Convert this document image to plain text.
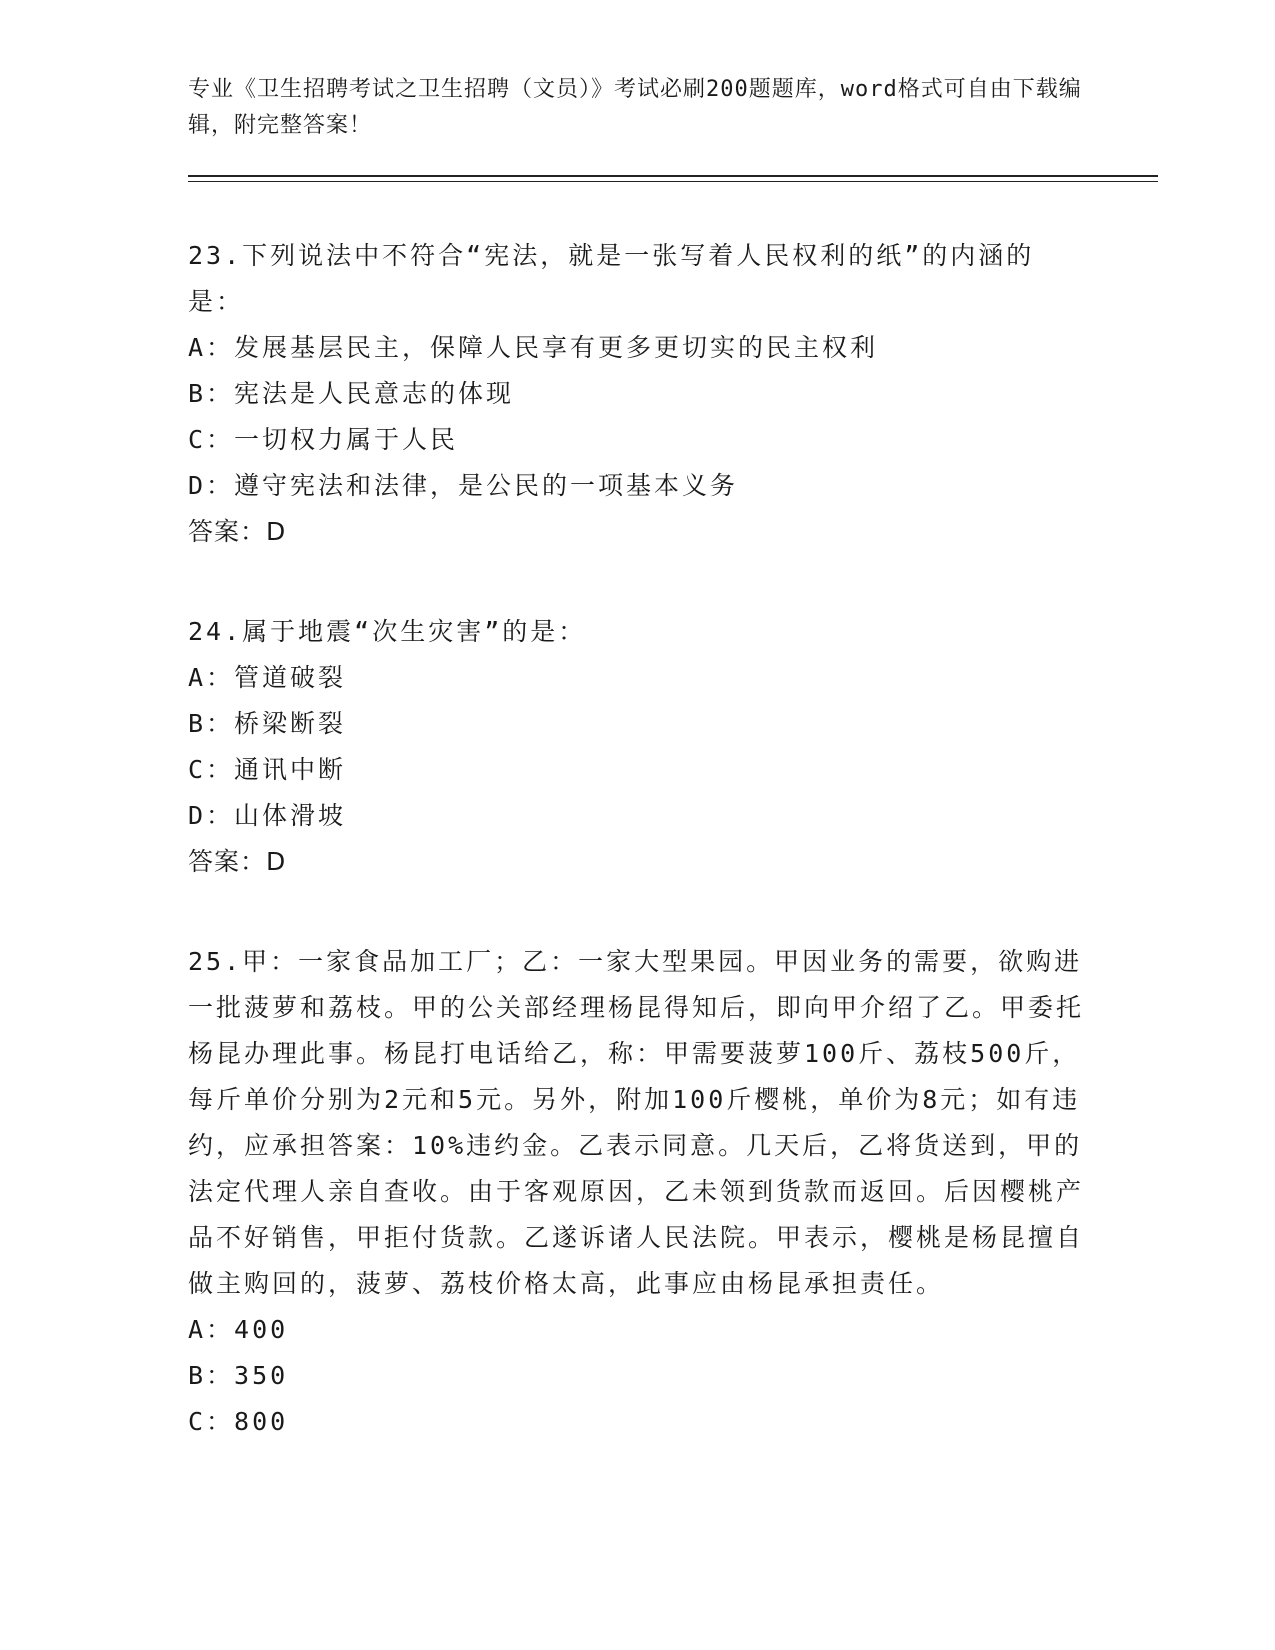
专业《卫生招聘考试之卫生招聘（文员）》考试必刷200题题库，word格式可自由下载编辑，附完整答案！
23.下列说法中不符合“宪法，就是一张写着人民权利的纸”的内涵的是：
A：发展基层民主，保障人民享有更多更切实的民主权利
B：宪法是人民意志的体现
C：一切权力属于人民
D：遵守宪法和法律，是公民的一项基本义务
答案：D
24.属于地震“次生灾害”的是：
A：管道破裂
B：桥梁断裂
C：通讯中断
D：山体滑坡
答案：D
25.甲：一家食品加工厂；乙：一家大型果园。甲因业务的需要，欲购进一批菠萝和荔枝。甲的公关部经理杨昆得知后，即向甲介绍了乙。甲委托杨昆办理此事。杨昆打电话给乙，称：甲需要菠萝100斤、荔枝500斤，每斤单价分别为2元和5元。另外，附加100斤樱桃，单价为8元；如有违约，应承担答案：10%违约金。乙表示同意。几天后，乙将货送到，甲的法定代理人亲自查收。由于客观原因，乙未领到货款而返回。后因樱桃产品不好销售，甲拒付货款。乙遂诉诸人民法院。甲表示，樱桃是杨昆擅自做主购回的，菠萝、荔枝价格太高，此事应由杨昆承担责任。
A：400
B：350
C：800
